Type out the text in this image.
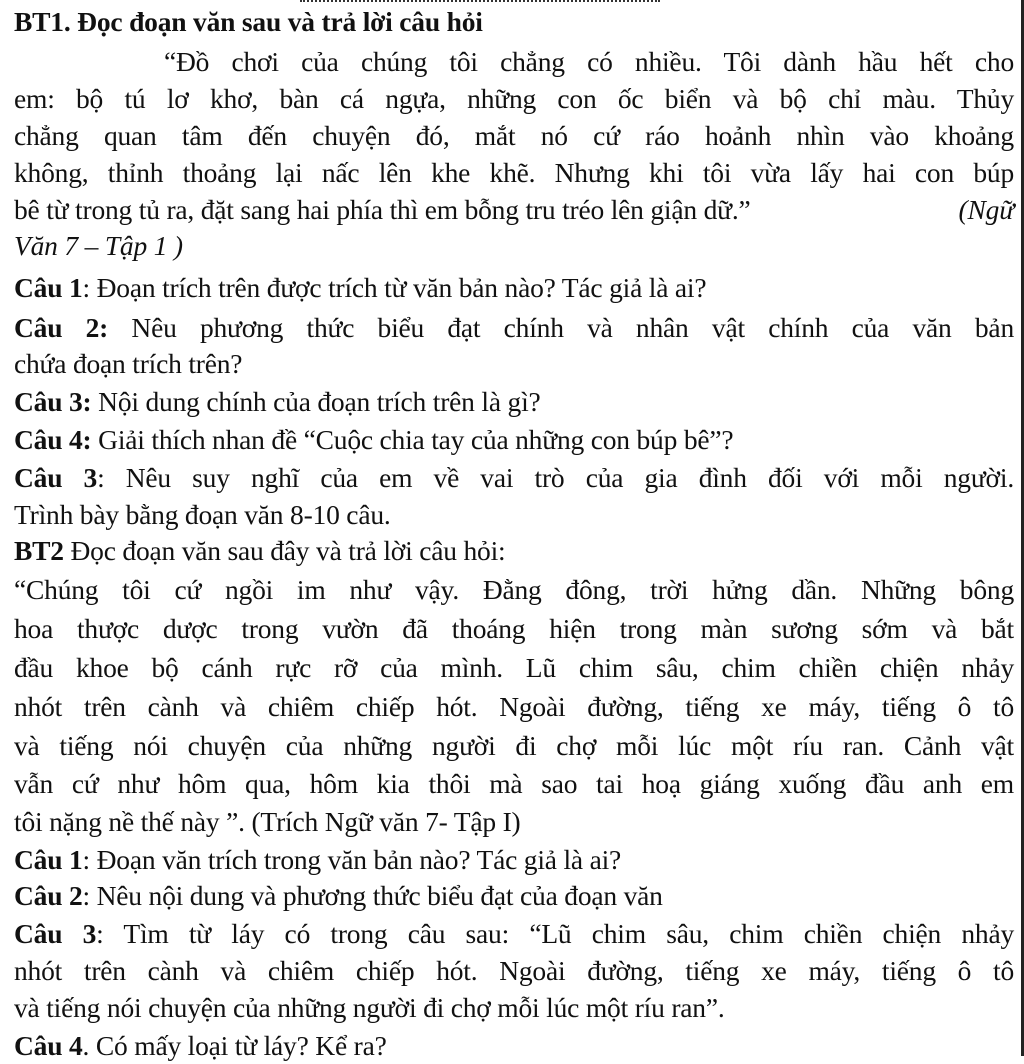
BT1. Đọc đoạn văn sau và trả lời câu hỏi
“Đồ chơi của chúng tôi chẳng có nhiều. Tôi dành hầu hết cho
em: bộ tú lơ khơ, bàn cá ngựa, những con ốc biển và bộ chỉ màu. Thủy
chẳng quan tâm đến chuyện đó, mắt nó cứ ráo hoảnh nhìn vào khoảng
không, thỉnh thoảng lại nấc lên khe khẽ. Nhưng khi tôi vừa lấy hai con búp
bê từ trong tủ ra, đặt sang hai phía thì em bỗng tru tréo lên giận dữ.”	(Ngữ
Văn 7 – Tập 1 )
Câu 1: Đoạn trích trên được trích từ văn bản nào? Tác giả là ai?
Câu 2: Nêu phương thức biểu đạt chính và nhân vật chính của văn bản
chứa đoạn trích trên?
Câu 3: Nội dung chính của đoạn trích trên là gì?
Câu 4: Giải thích nhan đề “Cuộc chia tay của những con búp bê”?
Câu 3: Nêu suy nghĩ của em về vai trò của gia đình đối với mỗi người.
Trình bày bằng đoạn văn 8-10 câu.
BT2 Đọc đoạn văn sau đây và trả lời câu hỏi:
“Chúng tôi cứ ngồi im như vậy. Đằng đông, trời hửng dần. Những bông
hoa thược dược trong vườn đã thoáng hiện trong màn sương sớm và bắt
đầu khoe bộ cánh rực rỡ của mình. Lũ chim sâu, chim chiền chiện nhảy
nhót trên cành và chiêm chiếp hót. Ngoài đường, tiếng xe máy, tiếng ô tô
và tiếng nói chuyện của những người đi chợ mỗi lúc một ríu ran. Cảnh vật
vẫn cứ như hôm qua, hôm kia thôi mà sao tai hoạ giáng xuống đầu anh em
tôi nặng nề thế này ”. (Trích Ngữ văn 7- Tập I)
Câu 1: Đoạn văn trích trong văn bản nào? Tác giả là ai?
Câu 2: Nêu nội dung và phương thức biểu đạt của đoạn văn
Câu 3: Tìm từ láy có trong câu sau: “Lũ chim sâu, chim chiền chiện nhảy
nhót trên cành và chiêm chiếp hót. Ngoài đường, tiếng xe máy, tiếng ô tô
và tiếng nói chuyện của những người đi chợ mỗi lúc một ríu ran”.
Câu 4. Có mấy loại từ láy? Kể ra?
